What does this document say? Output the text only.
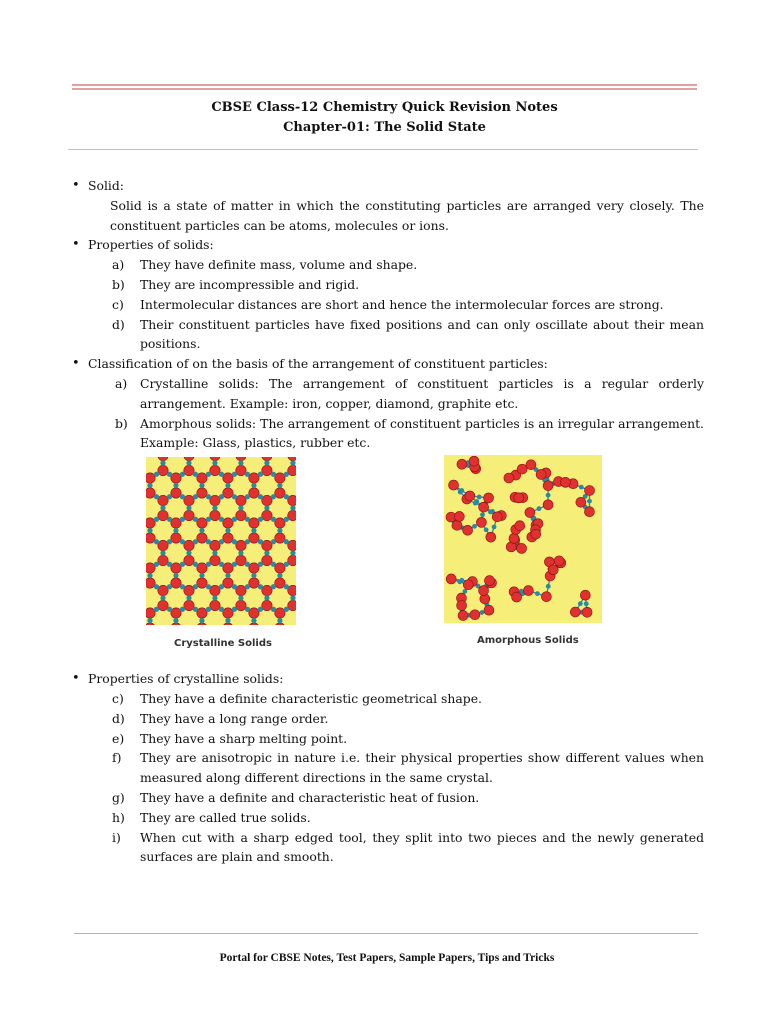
CBSE Class-12 Chemistry Quick Revision Notes
Chapter-01: The Solid State
• Solid:
Solid is a state of matter in which the constituting particles are arranged very closely. The constituent particles can be atoms, molecules or ions.
• Properties of solids:
a) They have definite mass, volume and shape.
b) They are incompressible and rigid.
c) Intermolecular distances are short and hence the intermolecular forces are strong.
d) Their constituent particles have fixed positions and can only oscillate about their mean positions.
• Classification of on the basis of the arrangement of constituent particles:
a) Crystalline solids: The arrangement of constituent particles is a regular orderly arrangement. Example: iron, copper, diamond, graphite etc.
b) Amorphous solids: The arrangement of constituent particles is an irregular arrangement. Example: Glass, plastics, rubber etc.
Crystalline Solids	Amorphous Solids
• Properties of crystalline solids:
c) They have a definite characteristic geometrical shape.
d) They have a long range order.
e) They have a sharp melting point.
f) They are anisotropic in nature i.e. their physical properties show different values when measured along different directions in the same crystal.
g) They have a definite and characteristic heat of fusion.
h) They are called true solids.
i) When cut with a sharp edged tool, they split into two pieces and the newly generated surfaces are plain and smooth.
Portal for CBSE Notes, Test Papers, Sample Papers, Tips and Tricks
